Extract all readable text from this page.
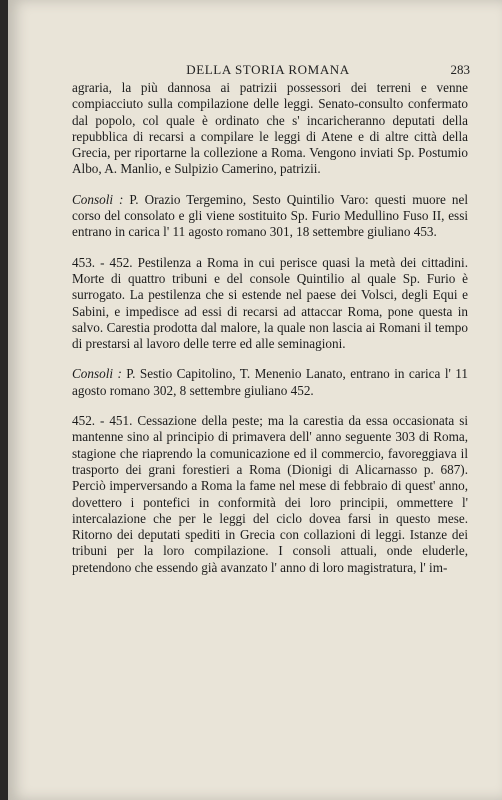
DELLA STORIA ROMANA	283

agraria, la più dannosa ai patrizii possessori dei terreni e venne compiacciuto sulla compilazione delle leggi. Senato-consulto confermato dal popolo, col quale è ordinato che s' incaricheranno deputati della repubblica di recarsi a compilare le leggi di Atene e di altre città della Grecia, per riportarne la collezione a Roma. Vengono inviati Sp. Postumio Albo, A. Manlio, e Sulpizio Camerino, patrizii.

Consoli : P. Orazio Tergemino, Sesto Quintilio Varo: questi muore nel corso del consolato e gli viene sostituito Sp. Furio Medullino Fuso II, essi entrano in carica l' 11 agosto romano 301, 18 settembre giuliano 453.

453. - 452. Pestilenza a Roma in cui perisce quasi la metà dei cittadini. Morte di quattro tribuni e del console Quintilio al quale Sp. Furio è surrogato. La pestilenza che si estende nel paese dei Volsci, degli Equi e Sabini, e impedisce ad essi di recarsi ad attaccar Roma, pone questa in salvo. Carestia prodotta dal malore, la quale non lascia ai Romani il tempo di prestarsi al lavoro delle terre ed alle seminagioni.

Consoli : P. Sestio Capitolino, T. Menenio Lanato, entrano in carica l' 11 agosto romano 302, 8 settembre giuliano 452.

452. - 451. Cessazione della peste; ma la carestia da essa occasionata si mantenne sino al principio di primavera dell' anno seguente 303 di Roma, stagione che riaprendo la comunicazione ed il commercio, favoreggiava il trasporto dei grani forestieri a Roma (Dionigi di Alicarnasso p. 687). Perciò imperversando a Roma la fame nel mese di febbraio di quest' anno, dovettero i pontefici in conformità dei loro principii, ommettere l' intercalazione che per le leggi del ciclo dovea farsi in questo mese. Ritorno dei deputati spediti in Grecia con collazioni di leggi. Istanze dei tribuni per la loro compilazione. I consoli attuali, onde eluderle, pretendono che essendo già avanzato l' anno di loro magistratura, l' im-
